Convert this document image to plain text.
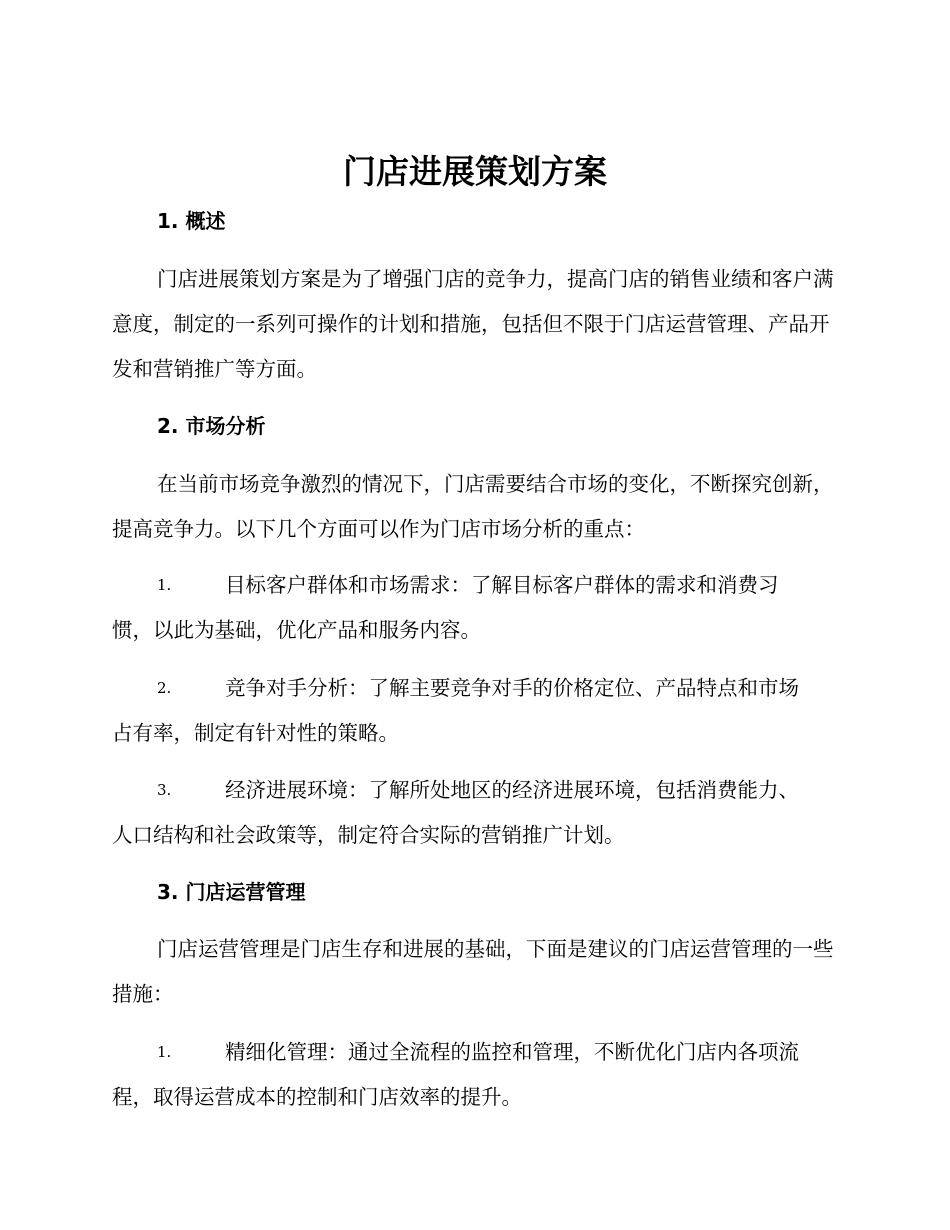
门店进展策划方案
1. 概述

门店进展策划方案是为了增强门店的竞争力，提高门店的销售业绩和客户满意度，制定的一系列可操作的计划和措施，包括但不限于门店运营管理、产品开发和营销推广等方面。

2. 市场分析

在当前市场竞争激烈的情况下，门店需要结合市场的变化，不断探究创新，提高竞争力。以下几个方面可以作为门店市场分析的重点：

1.	目标客户群体和市场需求：了解目标客户群体的需求和消费习
惯，以此为基础，优化产品和服务内容。
2.	竞争对手分析：了解主要竞争对手的价格定位、产品特点和市场
占有率，制定有针对性的策略。
3.	经济进展环境：了解所处地区的经济进展环境，包括消费能力、
人口结构和社会政策等，制定符合实际的营销推广计划。
3. 门店运营管理

门店运营管理是门店生存和进展的基础，下面是建议的门店运营管理的一些措施：

1.	精细化管理：通过全流程的监控和管理，不断优化门店内各项流
程，取得运营成本的控制和门店效率的提升。
